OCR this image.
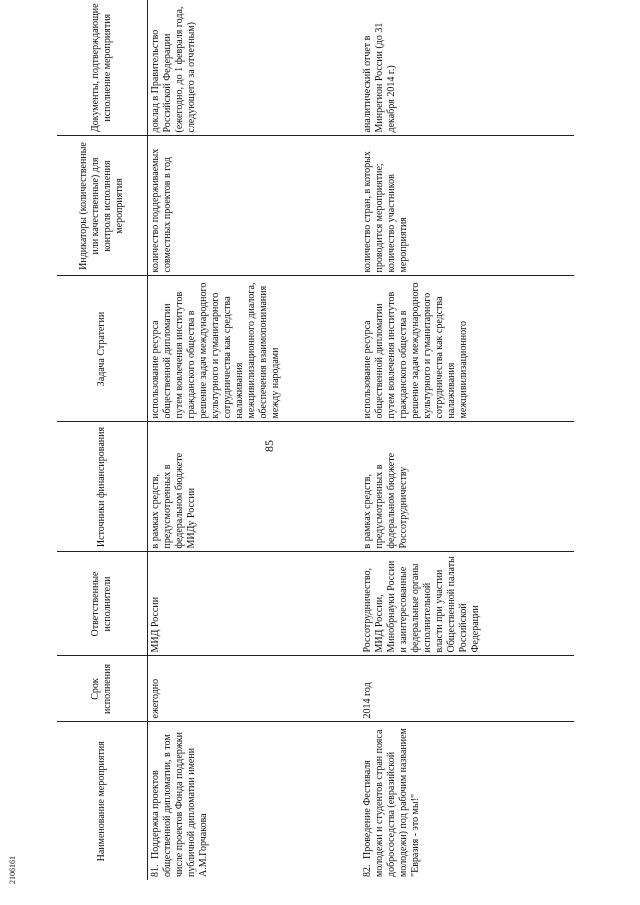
85
2106161
Наименование мероприятия	Срок исполнения	Ответственные исполнители	Источники финансирования	Задача Стратегии	Индикаторы (количественные или качественные) для контроля исполнения мероприятия	Документы, подтверждающие исполнение мероприятия
81.Поддержка проектов общественной дипломатии, в том числе проектов Фонда поддержки публичной дипломатии имени А.М.Горчакова	ежегодно	МИД России	в рамках средств, предусмотренных в федеральном бюджете МИДу России	использование ресурса общественной дипломатии путем вовлечения институтов гражданского общества в решение задач международного культурного и гуманитарного сотрудничества как средства налаживания межцивилизационного диалога, обеспечения взаимопонимания между народами	количество поддерживаемых совместных проектов в год	доклад в Правительство Российской Федерации (ежегодно, до 1 февраля года, следующего за отчетным)
82.Проведение Фестиваля молодежи и студентов стран пояса добрососедства (евразийской молодежи) под рабочим названием "Евразия - это мы!"	2014 год	Россотрудничество, МИД России, Минобрнауки России и заинтересованные федеральные органы исполнительной власти при участии Общественной палаты Российской Федерации	в рамках средств, предусмотренных в федеральном бюджете Россотрудничеству	использование ресурса общественной дипломатии путем вовлечения институтов гражданского общества в решение задач международного культурного и гуманитарного сотрудничества как средства налаживания межцивилизационного	количество стран, в которых проводится мероприятие; количество участников мероприятия	аналитический отчет в Минрегион России (до 31 декабря 2014 г.)
